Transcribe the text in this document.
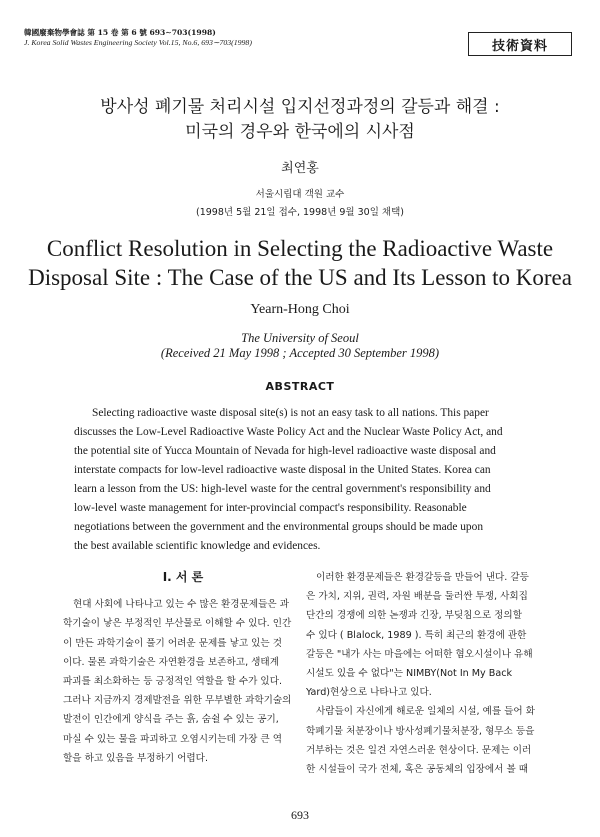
韓國廢棄物學會誌 第 15 卷 第 6 號 693∼703(1998)
J. Korea Solid Wastes Engineering Society Vol.15, No.6, 693∼703(1998)	技術資料
방사성 폐기물 처리시설 입지선정과정의 갈등과 해결 :
미국의 경우와 한국에의 시사점
최연홍
서울시립대 객원 교수
(1998년 5월 21일 접수, 1998년 9월 30일 채택)
Conflict Resolution in Selecting the Radioactive Waste
Disposal Site : The Case of the US and Its Lesson to Korea
Yearn-Hong Choi
The University of Seoul
(Received 21 May 1998 ; Accepted 30 September 1998)
ABSTRACT
Selecting radioactive waste disposal site(s) is not an easy task to all nations. This paper
discusses the Low-Level Radioactive Waste Policy Act and the Nuclear Waste Policy Act, and
the potential site of Yucca Mountain of Nevada for high-level radioactive waste disposal and
interstate compacts for low-level radioactive waste disposal in the United States. Korea can
learn a lesson from the US: high-level waste for the central government's responsibility and
low-level waste management for inter-provincial compact's responsibility. Reasonable
negotiations between the government and the environmental groups should be made upon
the best available scientific knowledge and evidences.
Ⅰ. 서 론
현대 사회에 나타나고 있는 수 많은 환경문제들은 과
학기술이 낳은 부정적인 부산물로 이해할 수 있다. 인간
이 만든 과학기술이 풀기 어려운 문제를 낳고 있는 것
이다. 물론 과학기술은 자연환경을 보존하고, 생태계
파괴를 최소화하는 등 긍정적인 역할을 할 수가 있다.
그러나 지금까지 경제발전을 위한 무부별한 과학기술의
발전이 인간에게 양식을 주는 흙, 숨쉴 수 있는 공기,
마실 수 있는 물을 파괴하고 오염시키는데 가장 큰 역
할을 하고 있음을 부정하기 어렵다.
이러한 환경문제들은 환경갈등을 만들어 낸다. 갈등
은 가치, 지위, 권력, 자원 배분을 둘러싼 투쟁, 사회집
단간의 경쟁에 의한 논쟁과 긴장, 부딪침으로 정의할
수 있다 ( Blalock, 1989 ). 특히 최근의 환경에 관한
갈등은 "내가 사는 마을에는 어떠한 혐오시설이나 유해
시설도 있을 수 없다"는 NIMBY(Not In My Back
Yard)현상으로 나타나고 있다.
사람들이 자신에게 해로운 일체의 시설, 예를 들어 화
학폐기물 처분장이나 방사성폐기물처분장, 형무소 등을
거부하는 것은 일견 자연스러운 현상이다. 문제는 이러
한 시설들이 국가 전체, 혹은 공동체의 입장에서 볼 때
693
